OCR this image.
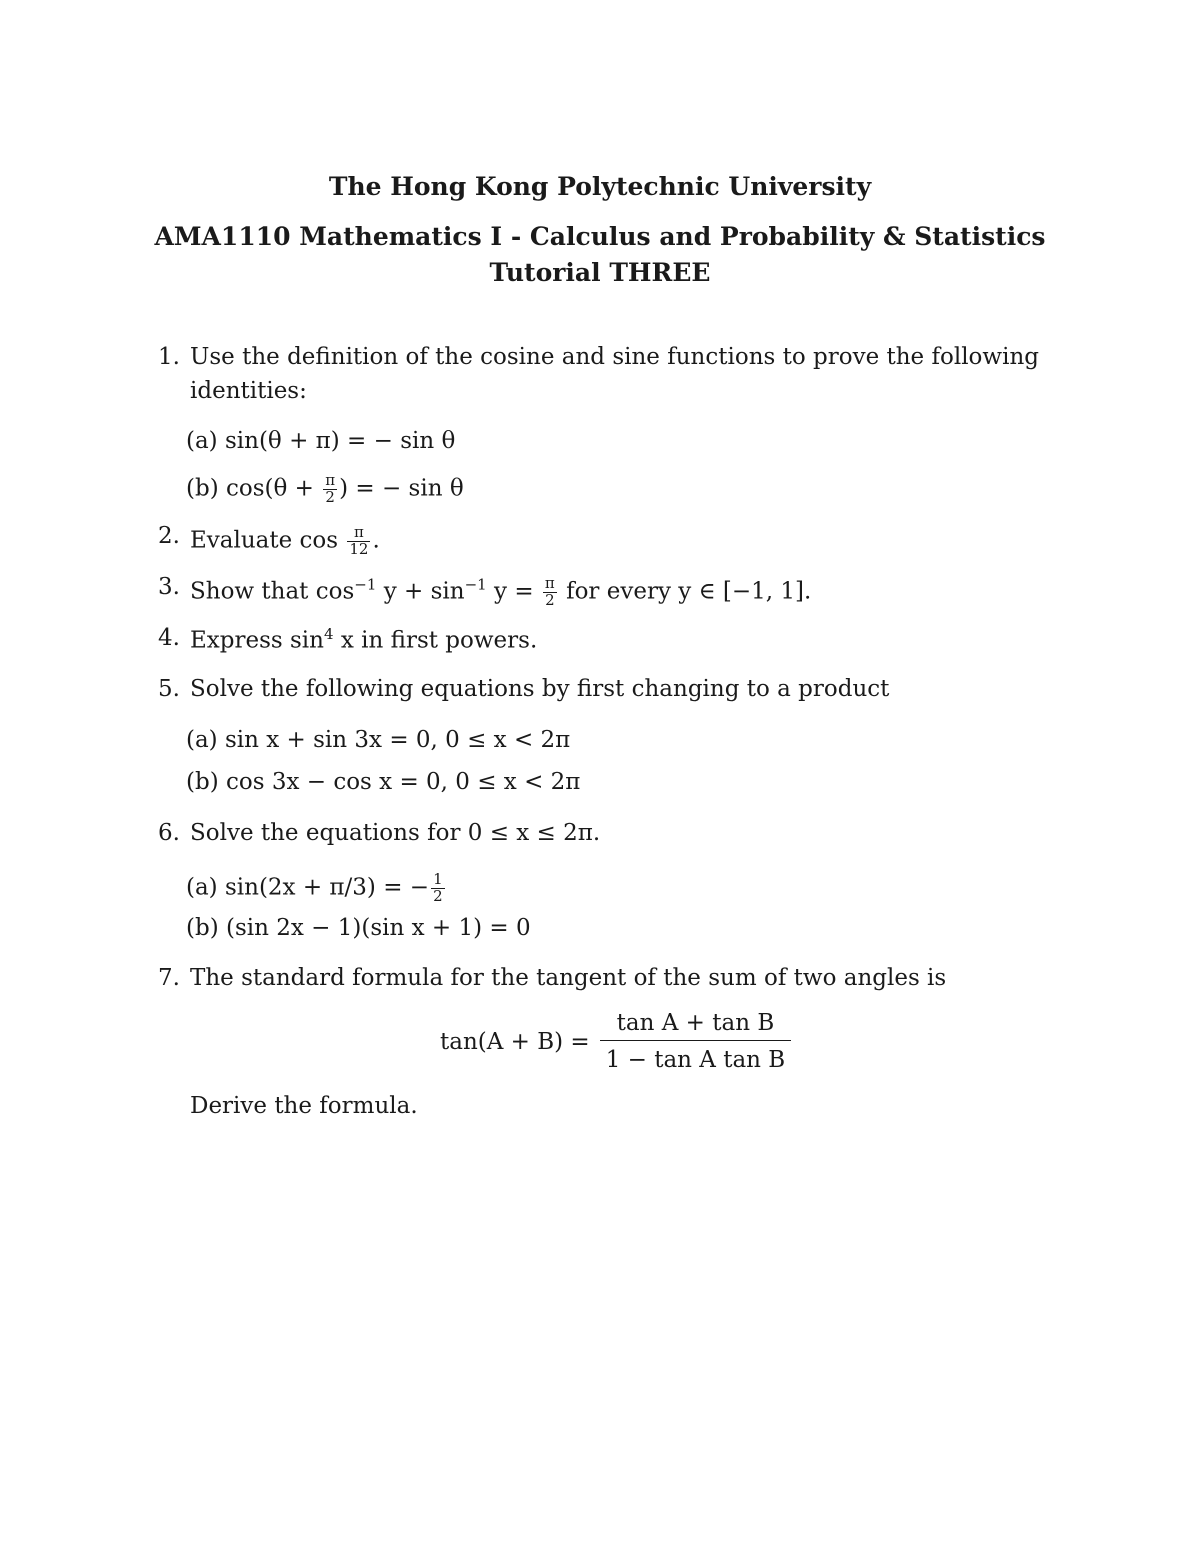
The Hong Kong Polytechnic University
AMA1110 Mathematics I - Calculus and Probability & Statistics
Tutorial THREE
1. Use the definition of the cosine and sine functions to prove the following
identities:
(a) sin(θ + π) = − sin θ
(b) $\cos(\theta + \frac{\pi}{2}$ ) = − sin θ
2. Evaluate $\cos \frac{\pi}{12}$ .
3. Show that $\cos^{-1} y + \sin^{-1} y = \frac{\pi}{2}$ for every y ∈ [−1, 1].
4. Express $\sin^4 x$ in first powers.
5. Solve the following equations by first changing to a product
(a) sin x + sin 3x = 0, 0 ≤ x < 2π
(b) cos 3x − cos x = 0, 0 ≤ x < 2π
6. Solve the equations for 0 ≤ x ≤ 2π.
(a) sin(2x + π/3) = − $\frac{1}{2}$
(b) (sin 2x − 1)(sin x + 1) = 0
7. The standard formula for the tangent of the sum of two angles is
$\tan(A + B) = \frac{\text{tan A + tan B}}{\text{1 − tan A tan B}}$
Derive the formula.
